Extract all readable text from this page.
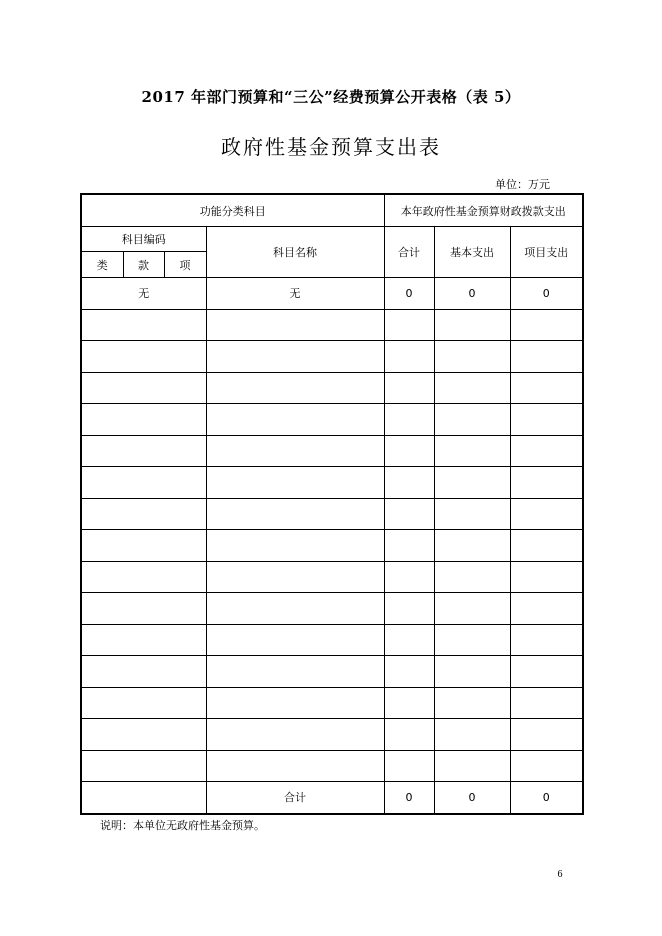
2017 年部门预算和“三公”经费预算公开表格（表 5）
政府性基金预算支出表
单位：万元
功能分类科目				本年政府性基金预算财政拨款支出		
科目编码			科目名称	合计	基本支出	项目支出
类	款	项				
无			无	0	0	0

			合计	0	0	0
说明：本单位无政府性基金预算。
6
